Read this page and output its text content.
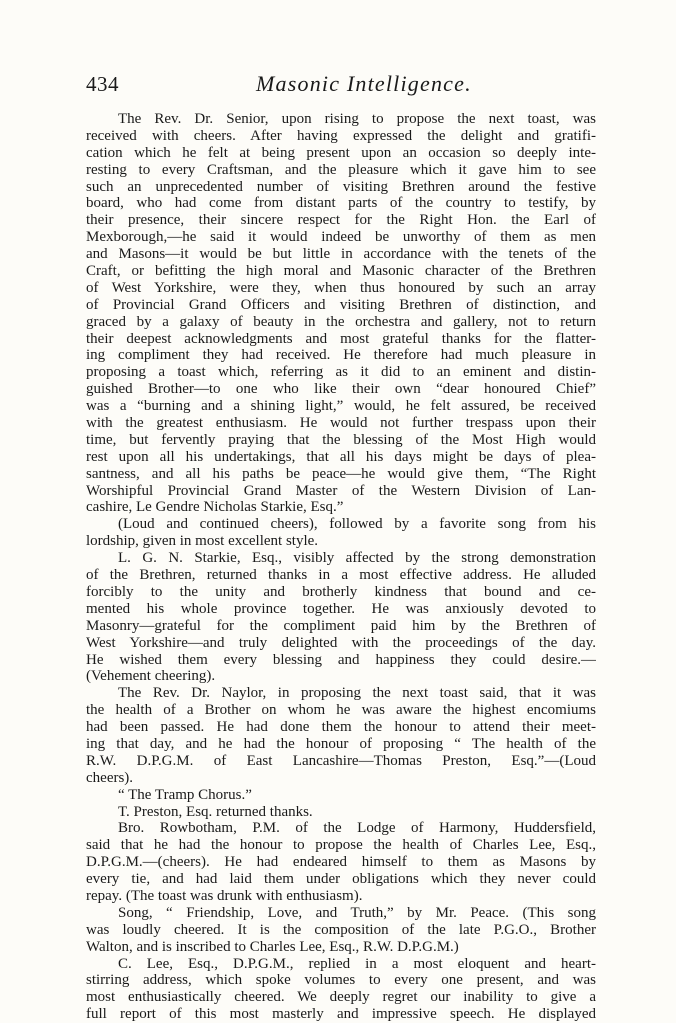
434	Masonic Intelligence.
The Rev. Dr. Senior, upon rising to propose the next toast, was
received with cheers. After having expressed the delight and gratifi-
cation which he felt at being present upon an occasion so deeply inte-
resting to every Craftsman, and the pleasure which it gave him to see
such an unprecedented number of visiting Brethren around the festive
board, who had come from distant parts of the country to testify, by
their presence, their sincere respect for the Right Hon. the Earl of
Mexborough,—he said it would indeed be unworthy of them as men
and Masons—it would be but little in accordance with the tenets of the
Craft, or befitting the high moral and Masonic character of the Brethren
of West Yorkshire, were they, when thus honoured by such an array
of Provincial Grand Officers and visiting Brethren of distinction, and
graced by a galaxy of beauty in the orchestra and gallery, not to return
their deepest acknowledgments and most grateful thanks for the flatter-
ing compliment they had received. He therefore had much pleasure in
proposing a toast which, referring as it did to an eminent and distin-
guished Brother—to one who like their own “dear honoured Chief”
was a “burning and a shining light,” would, he felt assured, be received
with the greatest enthusiasm. He would not further trespass upon their
time, but fervently praying that the blessing of the Most High would
rest upon all his undertakings, that all his days might be days of plea-
santness, and all his paths be peace—he would give them, “The Right
Worshipful Provincial Grand Master of the Western Division of Lan-
cashire, Le Gendre Nicholas Starkie, Esq.”
(Loud and continued cheers), followed by a favorite song from his
lordship, given in most excellent style.
L. G. N. Starkie, Esq., visibly affected by the strong demonstration
of the Brethren, returned thanks in a most effective address. He alluded
forcibly to the unity and brotherly kindness that bound and ce-
mented his whole province together. He was anxiously devoted to
Masonry—grateful for the compliment paid him by the Brethren of
West Yorkshire—and truly delighted with the proceedings of the day.
He wished them every blessing and happiness they could desire.—
(Vehement cheering).
The Rev. Dr. Naylor, in proposing the next toast said, that it was
the health of a Brother on whom he was aware the highest encomiums
had been passed. He had done them the honour to attend their meet-
ing that day, and he had the honour of proposing “ The health of the
R.W. D.P.G.M. of East Lancashire—Thomas Preston, Esq.”—(Loud
cheers).
“ The Tramp Chorus.”
T. Preston, Esq. returned thanks.
Bro. Rowbotham, P.M. of the Lodge of Harmony, Huddersfield,
said that he had the honour to propose the health of Charles Lee, Esq.,
D.P.G.M.—(cheers). He had endeared himself to them as Masons by
every tie, and had laid them under obligations which they never could
repay. (The toast was drunk with enthusiasm).
Song, “ Friendship, Love, and Truth,” by Mr. Peace. (This song
was loudly cheered. It is the composition of the late P.G.O., Brother
Walton, and is inscribed to Charles Lee, Esq., R.W. D.P.G.M.)
C. Lee, Esq., D.P.G.M., replied in a most eloquent and heart-
stirring address, which spoke volumes to every one present, and was
most enthusiastically cheered. We deeply regret our inability to give a
full report of this most masterly and impressive speech. He displayed
